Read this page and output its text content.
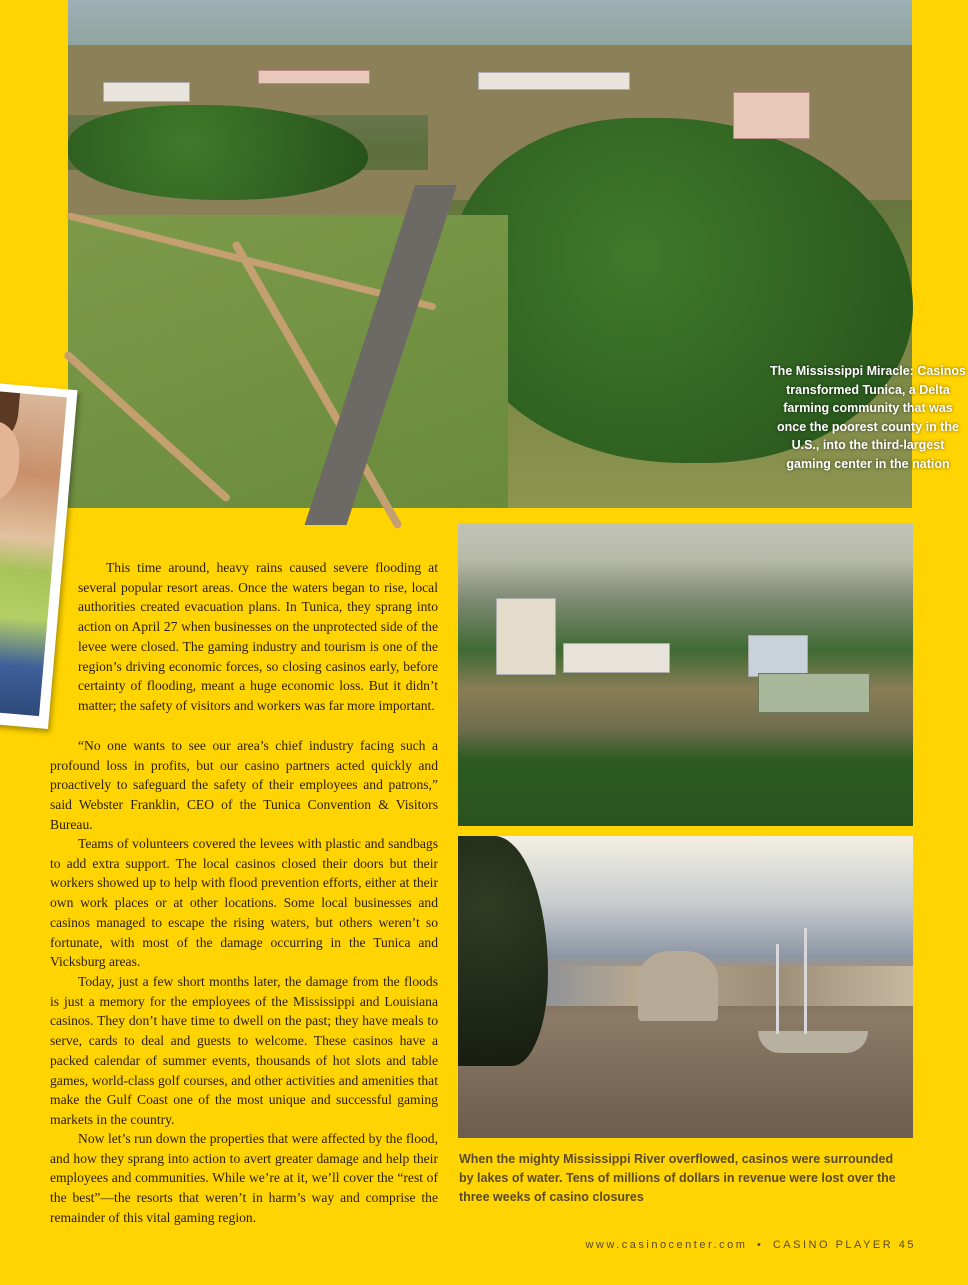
The Mississippi Miracle: Casinos transformed Tunica, a Delta farming community that was once the poorest county in the U.S., into the third-largest gaming center in the nation
When the mighty Mississippi River overflowed, casinos were surrounded by lakes of water. Tens of millions of dollars in revenue were lost over the three weeks of casino closures

This time around, heavy rains caused severe flooding at several popular resort areas. Once the waters began to rise, local authorities created evacuation plans. In Tunica, they sprang into action on April 27 when businesses on the unprotected side of the levee were closed. The gaming industry and tourism is one of the region’s driving economic forces, so closing casinos early, before certainty of flooding, meant a huge economic loss. But it didn’t matter; the safety of visitors and workers was far more important.

“No one wants to see our area’s chief industry facing such a profound loss in profits, but our casino partners acted quickly and proactively to safeguard the safety of their employees and patrons,” said Webster Franklin, CEO of the Tunica Convention & Visitors Bureau.

Teams of volunteers covered the levees with plastic and sandbags to add extra support. The local casinos closed their doors but their workers showed up to help with flood prevention efforts, either at their own work places or at other locations. Some local businesses and casinos managed to escape the rising waters, but others weren’t so fortunate, with most of the damage occurring in the Tunica and Vicksburg areas.

Today, just a few short months later, the damage from the floods is just a memory for the employees of the Mississippi and Louisiana casinos. They don’t have time to dwell on the past; they have meals to serve, cards to deal and guests to welcome. These casinos have a packed calendar of summer events, thousands of hot slots and table games, world-class golf courses, and other activities and amenities that make the Gulf Coast one of the most unique and successful gaming markets in the country.

Now let’s run down the properties that were affected by the flood, and how they sprang into action to avert greater damage and help their employees and communities. While we’re at it, we’ll cover the “rest of the best”—the resorts that weren’t in harm’s way and comprise the remainder of this vital gaming region.

www.casinocenter.com • CASINO PLAYER 45
